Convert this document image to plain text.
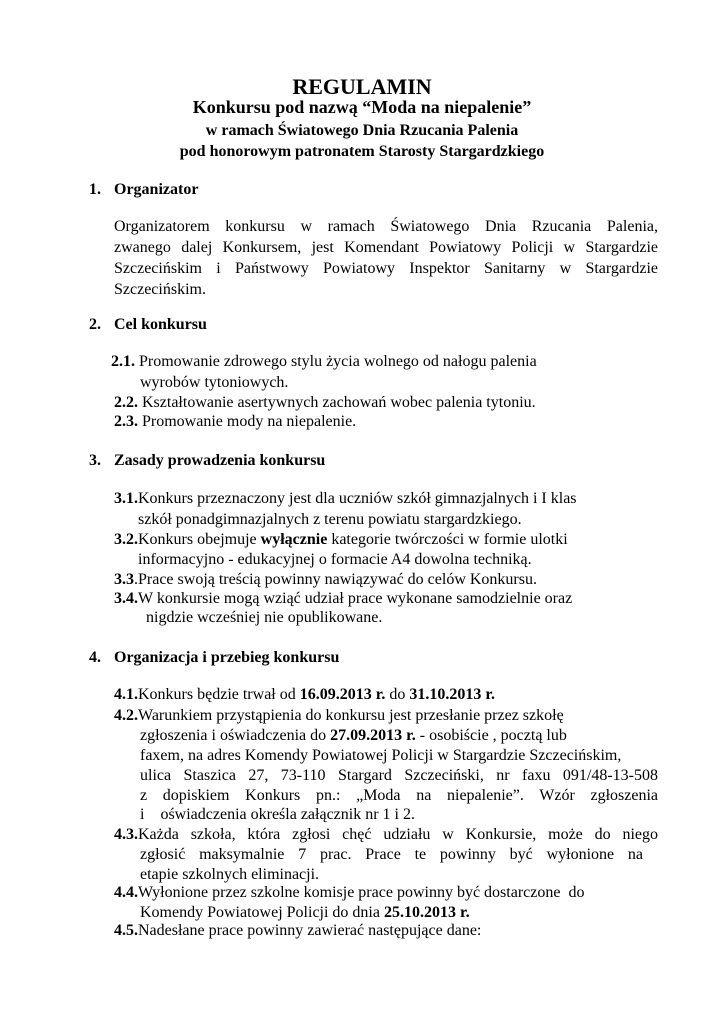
REGULAMIN
Konkursu pod nazwą “Moda na niepalenie”
w ramach Światowego Dnia Rzucania Palenia
pod honorowym patronatem Starosty Stargardzkiego
1. Organizator
Organizatorem konkursu w ramach Światowego Dnia Rzucania Palenia,
zwanego dalej Konkursem, jest Komendant Powiatowy Policji w Stargardzie
Szczecińskim i Państwowy Powiatowy Inspektor Sanitarny w Stargardzie
Szczecińskim.
2. Cel konkursu
2.1. Promowanie zdrowego stylu życia wolnego od nałogu palenia
wyrobów tytoniowych.
2.2. Kształtowanie asertywnych zachowań wobec palenia tytoniu.
2.3. Promowanie mody na niepalenie.
3. Zasady prowadzenia konkursu
3.1.Konkurs przeznaczony jest dla uczniów szkół gimnazjalnych i I klas
szkół ponadgimnazjalnych z terenu powiatu stargardzkiego.
3.2.Konkurs obejmuje wyłącznie kategorie twórczości w formie ulotki
informacyjno - edukacyjnej o formacie A4 dowolna techniką.
3.3.Prace swoją treścią powinny nawiązywać do celów Konkursu.
3.4.W konkursie mogą wziąć udział prace wykonane samodzielnie oraz
nigdzie wcześniej nie opublikowane.
4. Organizacja i przebieg konkursu
4.1.Konkurs będzie trwał od 16.09.2013 r. do 31.10.2013 r.
4.2.Warunkiem przystąpienia do konkursu jest przesłanie przez szkołę
zgłoszenia i oświadczenia do 27.09.2013 r. - osobiście , pocztą lub
faxem, na adres Komendy Powiatowej Policji w Stargardzie Szczecińskim,
ulica Staszica 27, 73-110 Stargard Szczeciński, nr faxu 091/48-13-508
z dopiskiem Konkurs pn.: „Moda na niepalenie”. Wzór zgłoszenia
i    oświadczenia określa załącznik nr 1 i 2.
4.3.Każda szkoła, która zgłosi chęć udziału w Konkursie, może do niego
zgłosić maksymalnie 7 prac. Prace te powinny być wyłonione na
etapie szkolnych eliminacji.
4.4.Wyłonione przez szkolne komisje prace powinny być dostarczone  do
Komendy Powiatowej Policji do dnia 25.10.2013 r.
4.5.Nadesłane prace powinny zawierać następujące dane:
